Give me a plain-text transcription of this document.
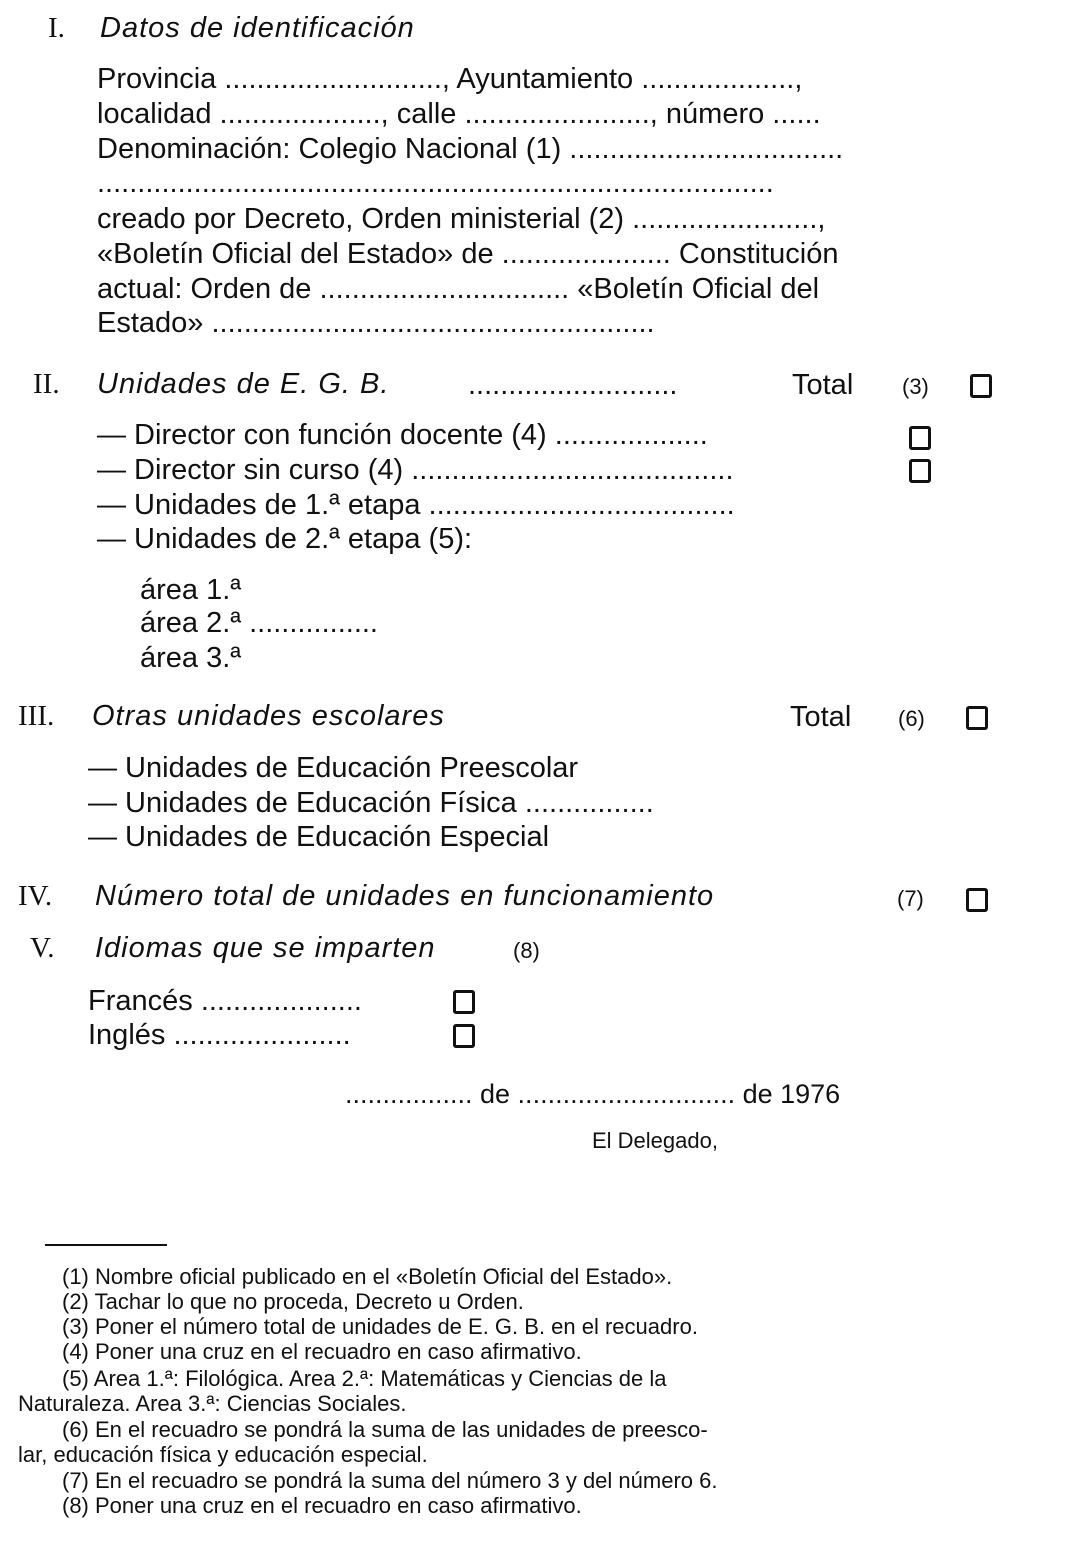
I. Datos de identificación
Provincia ..........................., Ayuntamiento ...................,
localidad ...................., calle ......................., número ......
Denominación: Colegio Nacional (1) ..................................
....................................................................................
creado por Decreto, Orden ministerial (2) .......................,
«Boletín Oficial del Estado» de ..................... Constitución
actual: Orden de ............................... «Boletín Oficial del
Estado» .......................................................
II. Unidades de E. G. B.	..........................	Total (3)
— Director con función docente (4) ...................
— Director sin curso (4) ........................................
— Unidades de 1.ª etapa ......................................
— Unidades de 2.ª etapa (5):
área 1.ª
área 2.ª ................
área 3.ª
III. Otras unidades escolares	Total (6)
— Unidades de Educación Preescolar
— Unidades de Educación Física ................
— Unidades de Educación Especial
IV. Número total de unidades en funcionamiento	(7)
V. Idiomas que se imparten	(8)
Francés ....................
Inglés ......................
................. de ............................. de 1976
El Delegado,
(1) Nombre oficial publicado en el «Boletín Oficial del Estado».
(2) Tachar lo que no proceda, Decreto u Orden.
(3) Poner el número total de unidades de E. G. B. en el recuadro.
(4) Poner una cruz en el recuadro en caso afirmativo.
(5) Area 1.ª: Filológica. Area 2.ª: Matemáticas y Ciencias de la
Naturaleza. Area 3.ª: Ciencias Sociales.
(6) En el recuadro se pondrá la suma de las unidades de preesco-
lar, educación física y educación especial.
(7) En el recuadro se pondrá la suma del número 3 y del número 6.
(8) Poner una cruz en el recuadro en caso afirmativo.
